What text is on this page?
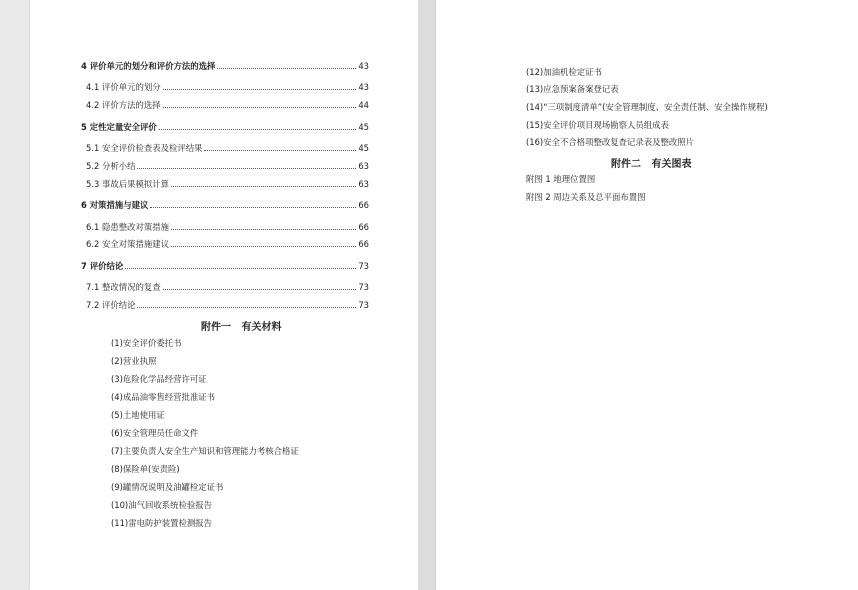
4 评价单元的划分和评价方法的选择	43
4.1 评价单元的划分	43
4.2 评价方法的选择	44
5 定性定量安全评价	45
5.1 安全评价检查表及检评结果	45
5.2 分析小结	63
5.3 事故后果模拟计算	63
6 对策措施与建议	66
6.1 隐患整改对策措施	66
6.2 安全对策措施建议	66
7 评价结论	73
7.1 整改情况的复查	73
7.2 评价结论	73
附件一   有关材料
(1)安全评价委托书
(2)营业执照
(3)危险化学品经营许可证
(4)成品油零售经营批准证书
(5)土地使用证
(6)安全管理员任命文件
(7)主要负责人安全生产知识和管理能力考核合格证
(8)保险单(安责险)
(9)罐情况说明及油罐检定证书
(10)油气回收系统检验报告
(11)雷电防护装置检测报告
(12)加油机检定证书
(13)应急预案备案登记表
(14)“三项制度清单”(安全管理制度、安全责任制、安全操作规程)
(15)安全评价项目现场勘察人员组成表
(16)安全不合格项整改复查记录表及整改照片
附件二   有关图表
附图 1 地理位置图
附图 2 周边关系及总平面布置图
